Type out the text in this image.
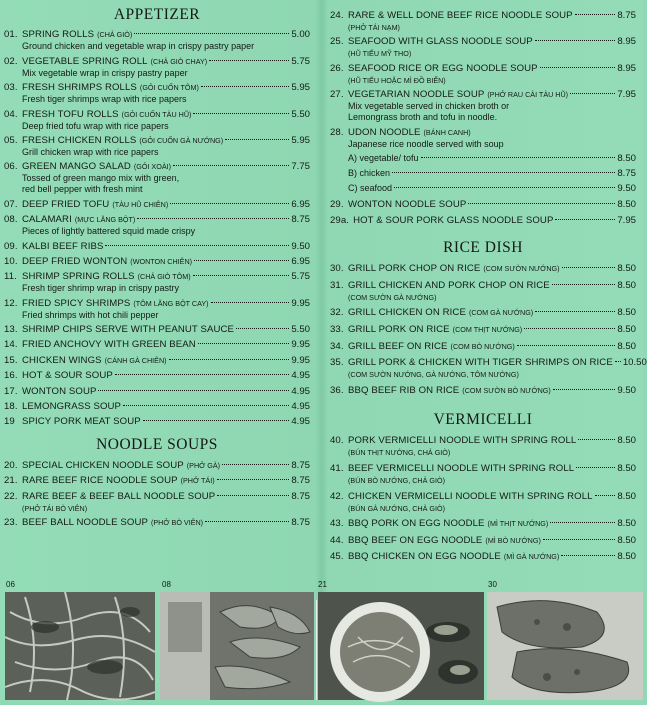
APPETIZER
01. SPRING ROLLS (CHẢ GIÒ)	5.00
Ground chicken and vegetable wrap in crispy pastry paper
02. VEGETABLE SPRING ROLL (CHẢ GIÒ CHAY)	5.75
Mix vegetable wrap in crispy pastry paper
03. FRESH SHRIMPS ROLLS (GỎI CUỐN TÔM)	5.95
Fresh tiger shrimps wrap with rice papers
04. FRESH TOFU ROLLS (GỎI CUỐN TÀU HŨ)	5.50
Deep fried tofu wrap with rice papers
05. FRESH CHICKEN ROLLS (GỎI CUỐN GÀ NƯỚNG)	5.95
Grill chicken wrap with rice papers
06. GREEN MANGO SALAD (GỎI XOÀI)	7.75
Tossed of green mango mix with green,
red bell pepper with fresh mint
07. DEEP FRIED TOFU (TÀU HŨ CHIÊN)	6.95
08. CALAMARI (MỰC LĂNG BỘT)	8.75
Pieces of lightly battered squid made crispy
09. KALBI BEEF RIBS	9.50
10. DEEP FRIED WONTON (WONTON CHIÊN)	6.95
11. SHRIMP SPRING ROLLS (CHẢ GIÒ TÔM)	5.75
Fresh tiger shrimp wrap in crispy pastry
12. FRIED SPICY SHRIMPS (TÔM LĂNG BỘT CAY)	9.95
Fried shrimps with hot chili pepper
13. SHRIMP CHIPS SERVE WITH PEANUT SAUCE	5.50
14. FRIED ANCHOVY WITH GREEN BEAN	9.95
15. CHICKEN WINGS (CÁNH GÀ CHIÊN)	9.95
16. HOT & SOUR SOUP	4.95
17. WONTON SOUP	4.95
18. LEMONGRASS SOUP	4.95
19 SPICY PORK MEAT SOUP	4.95
NOODLE SOUPS
20. SPECIAL CHICKEN NOODLE SOUP (PHỞ GÀ)	8.75
21. RARE BEEF RICE NOODLE SOUP (PHỞ TÁI)	8.75
22. RARE BEEF & BEEF BALL NOODLE SOUP	8.75
(PHỞ TÁI BÒ VIÊN)
23. BEEF BALL NOODLE SOUP (PHỞ BÒ VIÊN)	8.75
24. RARE & WELL DONE BEEF RICE NOODLE SOUP	8.75
(PHỞ TÁI NẠM)
25. SEAFOOD WITH GLASS NOODLE SOUP	8.95
(HŨ TIẾU MỸ THO)
26. SEAFOOD RICE OR EGG NOODLE SOUP	8.95
(HŨ TIẾU HOẶC MÌ ĐỒ BIỂN)
27. VEGETARIAN NOODLE SOUP (PHỞ RAU CẢI TÀU HŨ)	7.95
Mix vegetable served in chicken broth or
Lemongrass broth and tofu in noodle.
28. UDON NOODLE (BÁNH CANH)
Japanese rice noodle served with soup
A) vegetable/ tofu	8.50
B) chicken	8.75
C) seafood	9.50
29. WONTON NOODLE SOUP	8.50
29a. HOT & SOUR PORK GLASS NOODLE SOUP	7.95
RICE DISH
30. GRILL PORK CHOP ON RICE (COM SƯỜN NƯỚNG)	8.50
31. GRILL CHICKEN AND PORK CHOP ON RICE	8.50
(COM SƯỜN GÀ NƯỚNG)
32. GRILL CHICKEN ON RICE (COM GÀ NƯỚNG)	8.50
33. GRILL PORK ON RICE (COM THỊT NƯỚNG)	8.50
34. GRILL BEEF ON RICE (COM BÒ NƯỚNG)	8.50
35. GRILL PORK & CHICKEN WITH TIGER SHRIMPS ON RICE 10.50
(COM SƯỜN NƯỚNG, GÀ NƯỚNG, TÔM NƯỚNG)
36. BBQ BEEF RIB ON RICE (COM SƯỜN BÒ NƯỚNG)	9.50
VERMICELLI
40. PORK VERMICELLI NOODLE WITH SPRING ROLL	8.50
(BÚN THỊT NƯỚNG, CHẢ GIÒ)
41. BEEF VERMICELLI NOODLE WITH SPRING ROLL	8.50
(BÚN BÒ NƯỚNG, CHẢ GIÒ)
42. CHICKEN VERMICELLI NOODLE WITH SPRING ROLL	8.50
(BÚN GÀ NƯỚNG, CHẢ GIÒ)
43. BBQ PORK ON EGG NOODLE (MÌ THỊT NƯỚNG)	8.50
44. BBQ BEEF ON EGG NOODLE (MÌ BÒ NƯỚNG)	8.50
45. BBQ CHICKEN ON EGG NOODLE (MÌ GÀ NƯỚNG)	8.50
06	08	21	30
